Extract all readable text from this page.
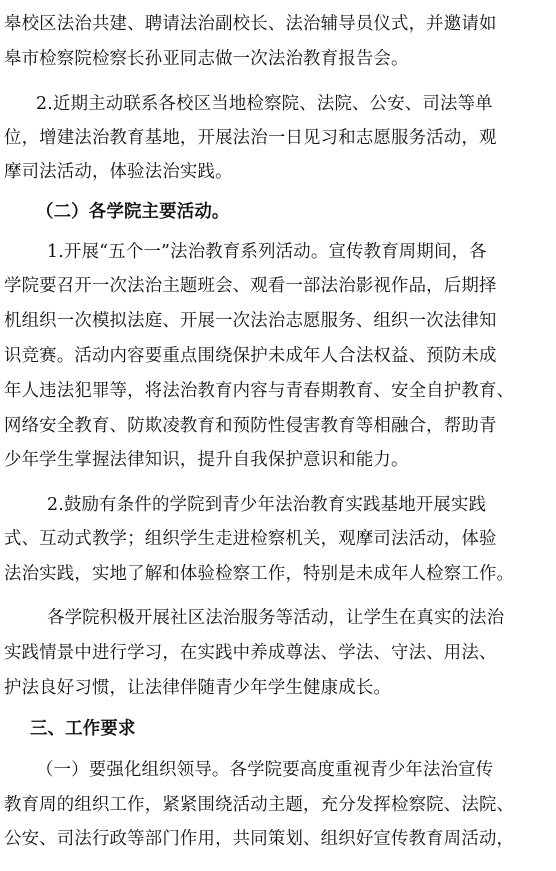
皋校区法治共建、聘请法治副校长、法治辅导员仪式，并邀请如
皋市检察院检察长孙亚同志做一次法治教育报告会。
2.近期主动联系各校区当地检察院、法院、公安、司法等单
位，增建法治教育基地，开展法治一日见习和志愿服务活动，观
摩司法活动，体验法治实践。
（二）各学院主要活动。
1.开展“五个一”法治教育系列活动。宣传教育周期间，各
学院要召开一次法治主题班会、观看一部法治影视作品，后期择
机组织一次模拟法庭、开展一次法治志愿服务、组织一次法律知
识竞赛。活动内容要重点围绕保护未成年人合法权益、预防未成
年人违法犯罪等，将法治教育内容与青春期教育、安全自护教育、
网络安全教育、防欺凌教育和预防性侵害教育等相融合，帮助青
少年学生掌握法律知识，提升自我保护意识和能力。
2.鼓励有条件的学院到青少年法治教育实践基地开展实践
式、互动式教学；组织学生走进检察机关，观摩司法活动，体验
法治实践，实地了解和体验检察工作，特别是未成年人检察工作。
各学院积极开展社区法治服务等活动，让学生在真实的法治
实践情景中进行学习，在实践中养成尊法、学法、守法、用法、
护法良好习惯，让法律伴随青少年学生健康成长。
三、工作要求
（一）要强化组织领导。各学院要高度重视青少年法治宣传
教育周的组织工作，紧紧围绕活动主题，充分发挥检察院、法院、
公安、司法行政等部门作用，共同策划、组织好宣传教育周活动，
